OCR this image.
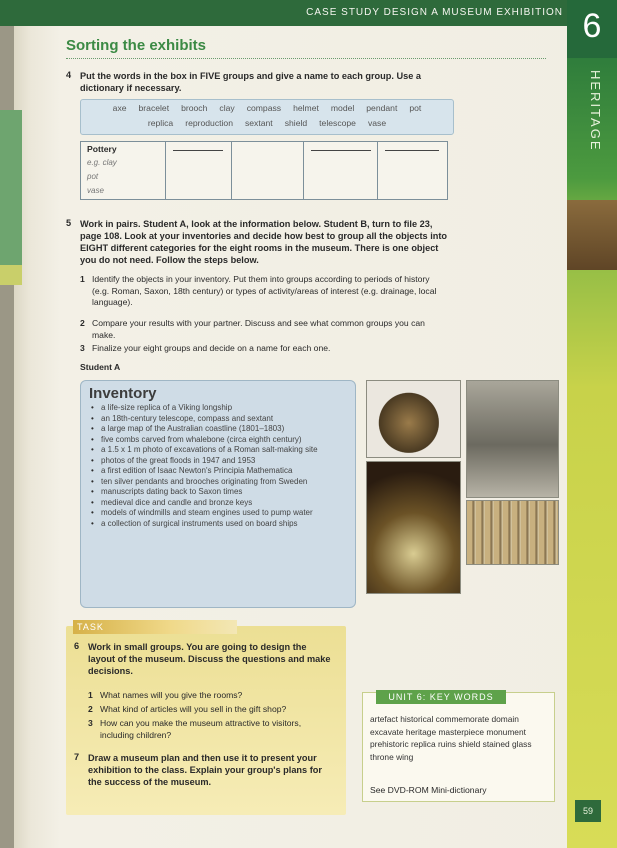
CASE STUDY DESIGN A MUSEUM EXHIBITION 6
HERITAGE
59
Sorting the exhibits
4 Put the words in the box in FIVE groups and give a name to each group. Use a dictionary if necessary.
axe bracelet brooch clay compass helmet model pendant pot
replica reproduction sextant shield telescope vase
Pottery
e.g. clay
pot
vase
5 Work in pairs. Student A, look at the information below. Student B, turn to file 23, page 108. Look at your inventories and decide how best to group all the objects into EIGHT different categories for the eight rooms in the museum. There is one object you do not need. Follow the steps below.
1 Identify the objects in your inventory. Put them into groups according to periods of history (e.g. Roman, Saxon, 18th century) or types of activity/areas of interest (e.g. drainage, local language).
2 Compare your results with your partner. Discuss and see what common groups you can make.
3 Finalize your eight groups and decide on a name for each one.
Student A
Inventory
• a life-size replica of a Viking longship
• an 18th-century telescope, compass and sextant
• a large map of the Australian coastline (1801–1803)
• five combs carved from whalebone (circa eighth century)
• a 1.5 x 1 m photo of excavations of a Roman salt-making site
• photos of the great floods in 1947 and 1953
• a first edition of Isaac Newton's Principia Mathematica
• ten silver pendants and brooches originating from Sweden
• manuscripts dating back to Saxon times
• medieval dice and candle and bronze keys
• models of windmills and steam engines used to pump water
• a collection of surgical instruments used on board ships
TASK
6 Work in small groups. You are going to design the layout of the museum. Discuss the questions and make decisions.
1 What names will you give the rooms?
2 What kind of articles will you sell in the gift shop?
3 How can you make the museum attractive to visitors, including children?
7 Draw a museum plan and then use it to present your exhibition to the class. Explain your group's plans for the success of the museum.
UNIT 6: KEY WORDS
artefact historical commemorate domain excavate heritage masterpiece monument prehistoric replica ruins shield stained glass throne wing
See DVD-ROM Mini-dictionary
